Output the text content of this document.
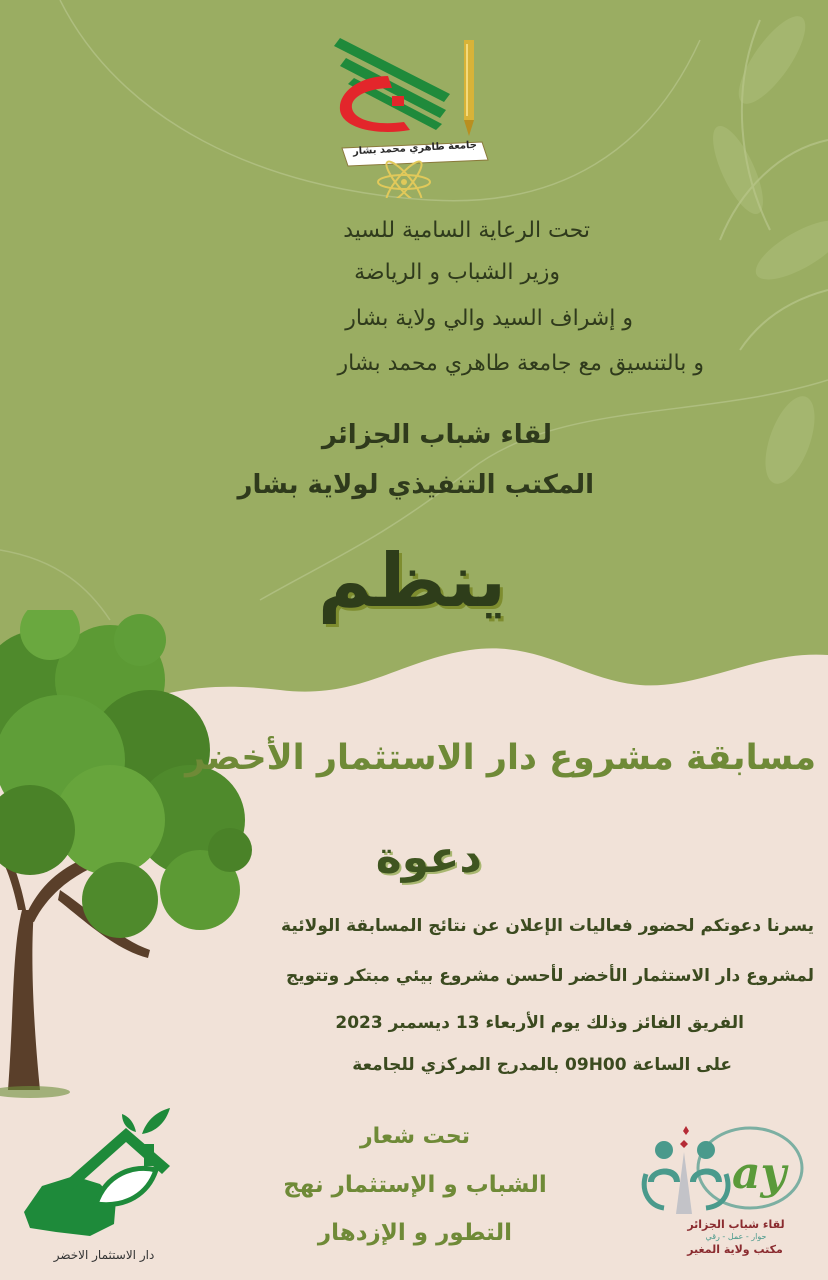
جامعة طاهري محمد بشار
تحت الرعاية السامية للسيد
وزير الشباب و الرياضة
و إشراف السيد والي ولاية بشار
و بالتنسيق مع جامعة طاهري محمد بشار
لقاء شباب الجزائر
المكتب التنفيذي لولاية بشار
ينظم
مسابقة مشروع دار الاستثمار الأخضر
دعوة
يسرنا دعوتكم لحضور فعاليات الإعلان عن نتائج المسابقة الولائية
لمشروع دار الاستثمار الأخضر لأحسن مشروع بيئي مبتكر وتتويج
الفريق الفائز وذلك يوم الأربعاء 13 ديسمبر 2023
على الساعة 09H00 بالمدرج المركزي للجامعة
تحت شعار
الشباب و الإستثمار نهج
التطور و الإزدهار
دار الاستثمار الاخضر
ay
لقاء شباب الجزائر
حوار - عمل - رقي
مكتب ولاية المغير
